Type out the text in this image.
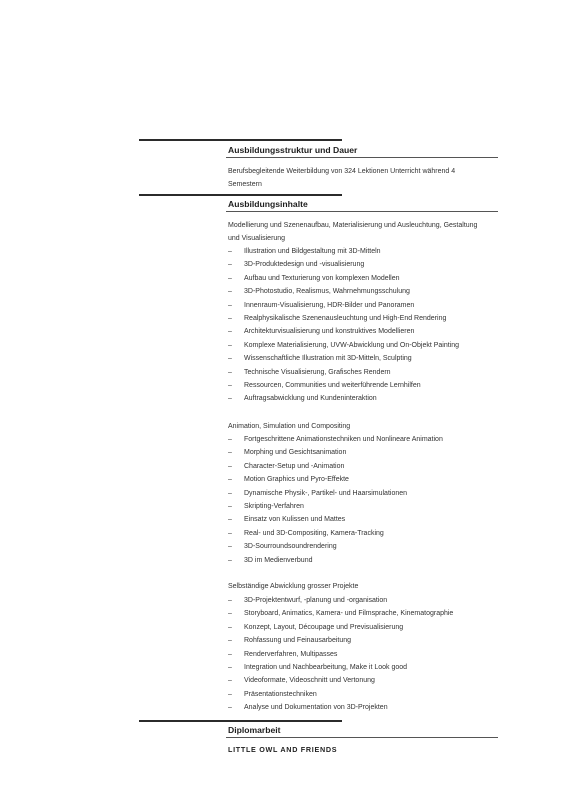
Ausbildungsstruktur und Dauer
Berufsbegleitende Weiterbildung von 324 Lektionen Unterricht während 4 Semestern
Ausbildungsinhalte
Modellierung und Szenenaufbau, Materialisierung und Ausleuchtung, Gestaltung und Visualisierung
– Illustration und Bildgestaltung mit 3D-Mitteln
– 3D-Produktedesign und -visualisierung
– Aufbau und Texturierung von komplexen Modellen
– 3D-Photostudio, Realismus, Wahrnehmungsschulung
– Innenraum-Visualisierung, HDR-Bilder und Panoramen
– Realphysikalische Szenenausleuchtung und High-End Rendering
– Architekturvisualisierung und konstruktives Modellieren
– Komplexe Materialisierung, UVW-Abwicklung und On-Objekt Painting
– Wissenschaftliche Illustration mit 3D-Mitteln, Sculpting
– Technische Visualisierung, Grafisches Rendern
– Ressourcen, Communities und weiterführende Lernhilfen
– Auftragsabwicklung und Kundeninteraktion
Animation, Simulation und Compositing
– Fortgeschrittene Animationstechniken und Nonlineare Animation
– Morphing und Gesichtsanimation
– Character-Setup und -Animation
– Motion Graphics und Pyro-Effekte
– Dynamische Physik-, Partikel- und Haarsimulationen
– Skripting-Verfahren
– Einsatz von Kulissen und Mattes
– Real- und 3D-Compositing, Kamera-Tracking
– 3D-Sourroundsoundrendering
– 3D im Medienverbund
Selbständige Abwicklung grosser Projekte
– 3D-Projektentwurf, -planung und -organisation
– Storyboard, Animatics, Kamera- und Filmsprache, Kinematographie
– Konzept, Layout, Découpage und Previsualisierung
– Rohfassung und Feinausarbeitung
– Renderverfahren, Multipasses
– Integration und Nachbearbeitung, Make it Look good
– Videoformate, Videoschnitt und Vertonung
– Präsentationstechniken
– Analyse und Dokumentation von 3D-Projekten
Diplomarbeit
LITTLE OWL AND FRIENDS
